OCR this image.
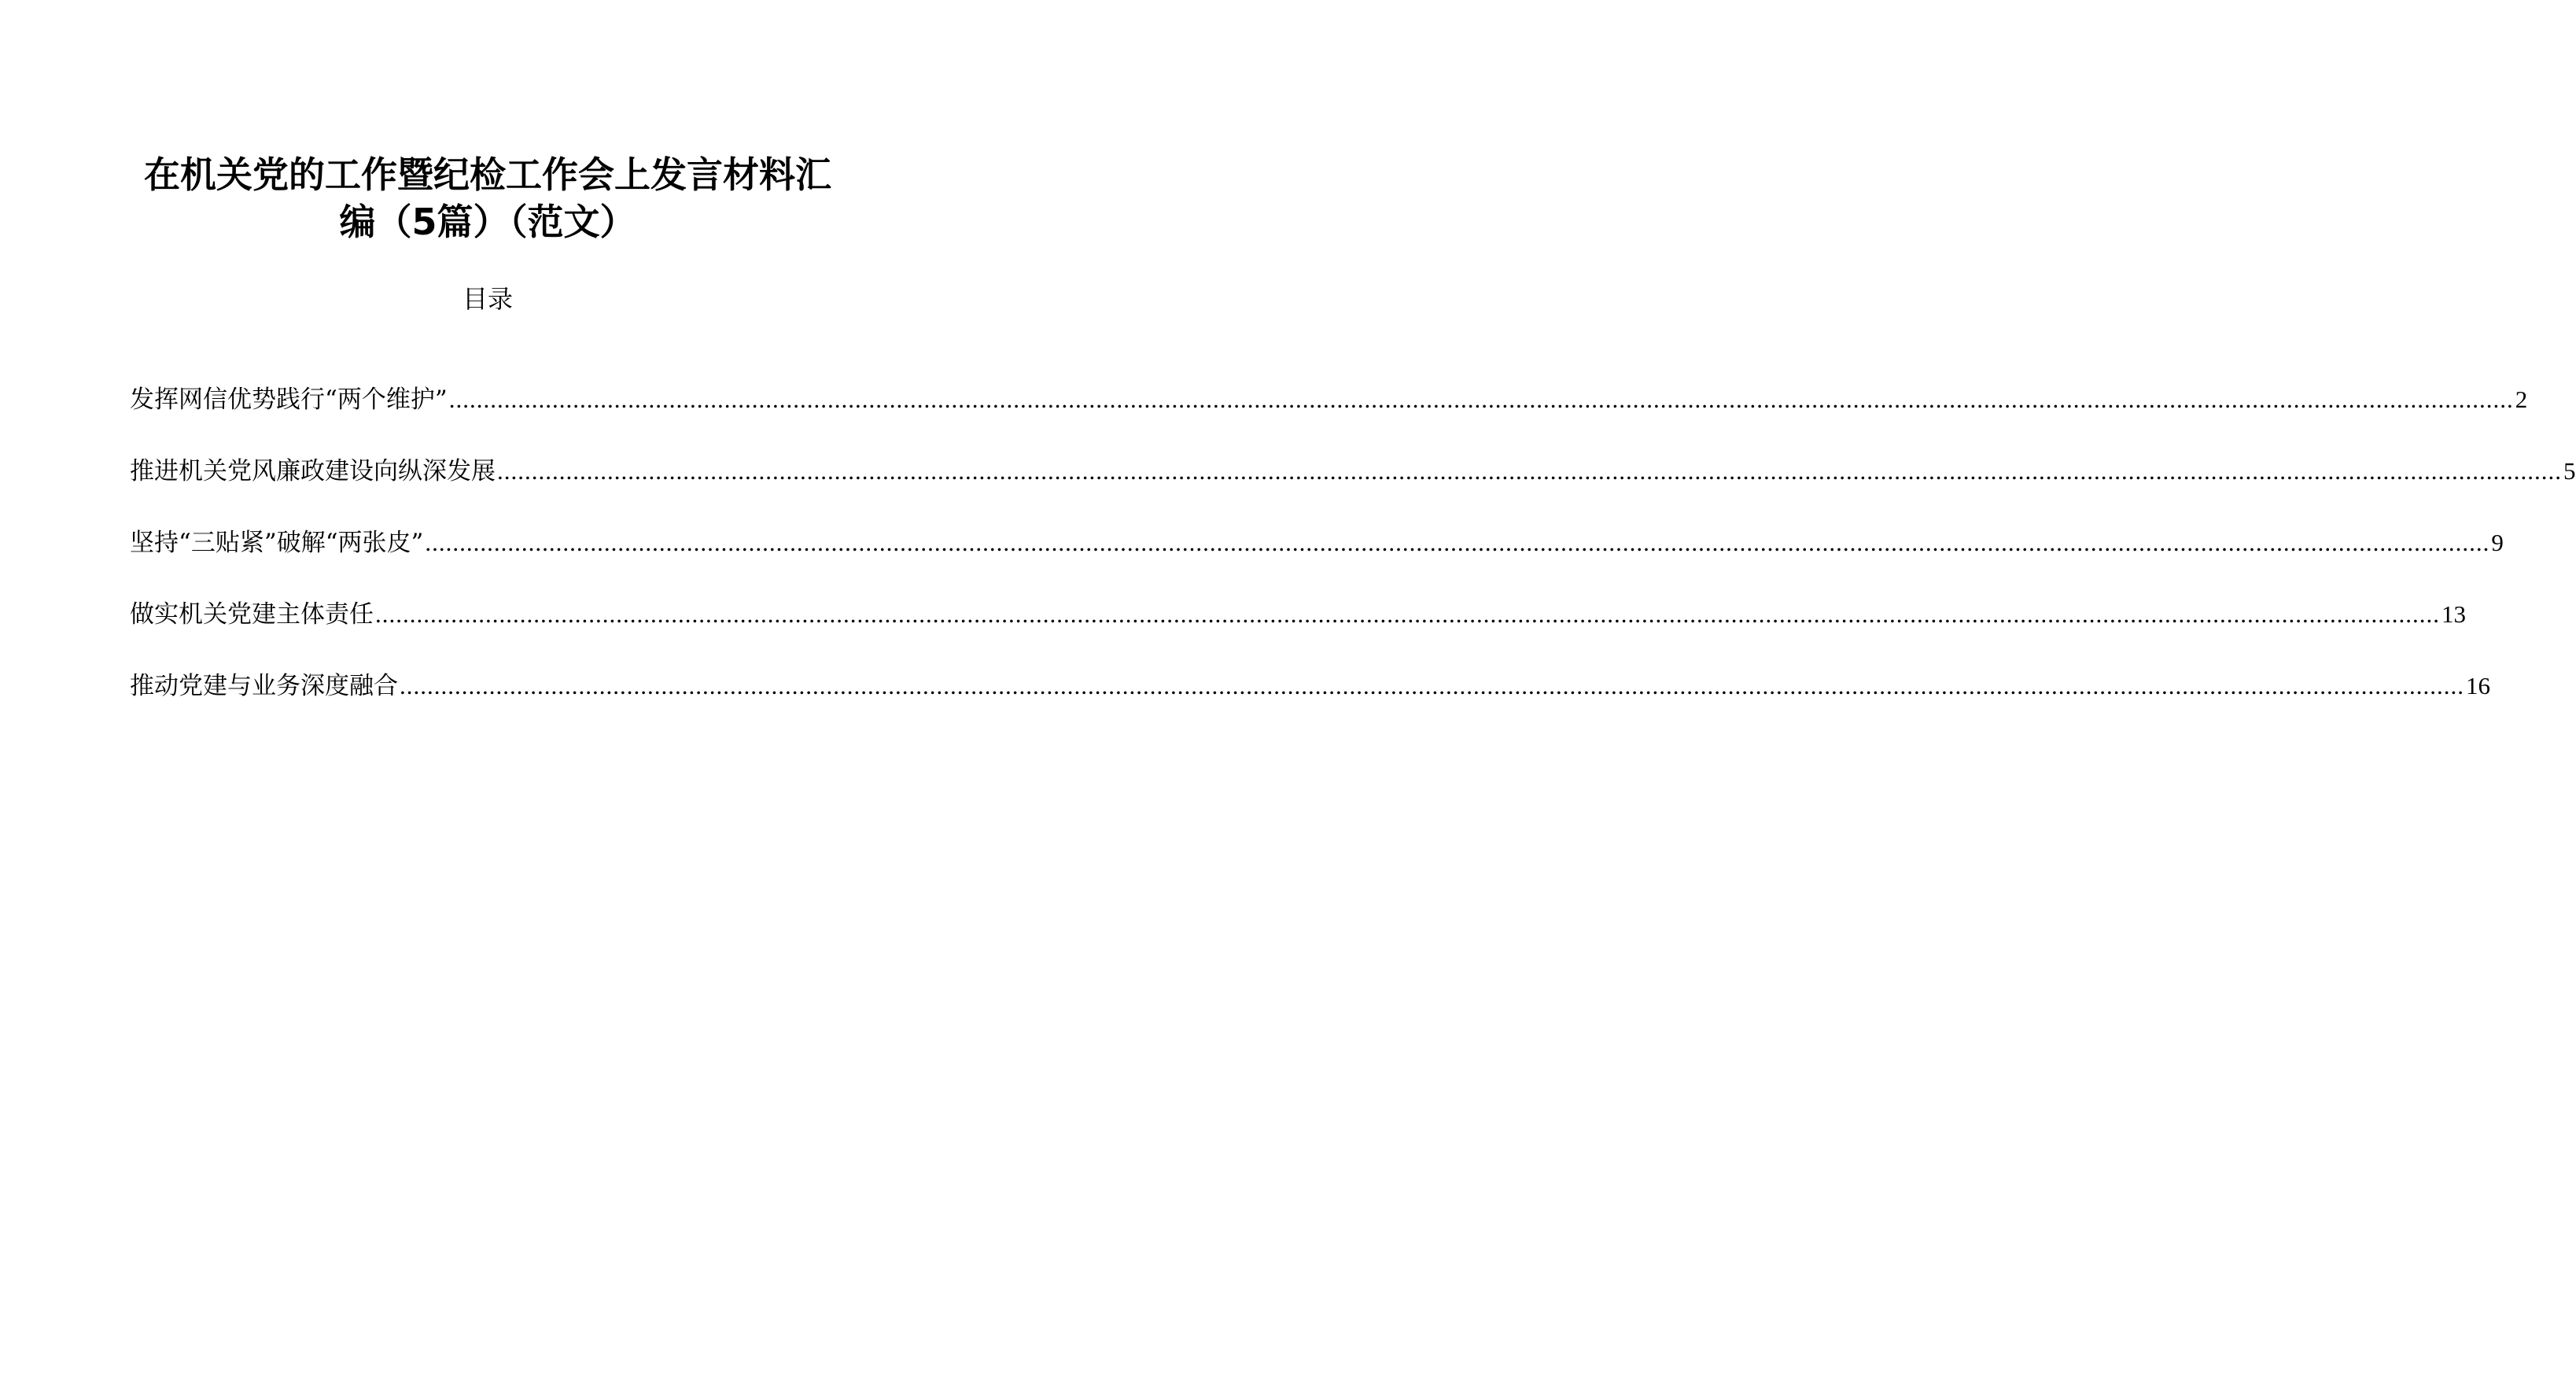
在机关党的工作暨纪检工作会上发言材料汇
编（5篇）（范文）
目录
发挥网信优势践行“两个维护” ............................................................................................................................................................................................................................................................................................................ 2
推进机关党风廉政建设向纵深发展 ............................................................................................................................................................................................................................................................................................................ 5
坚持“三贴紧”破解“两张皮” ............................................................................................................................................................................................................................................................................................................ 9
做实机关党建主体责任 ............................................................................................................................................................................................................................................................................................................ 13
推动党建与业务深度融合 ............................................................................................................................................................................................................................................................................................................ 16
